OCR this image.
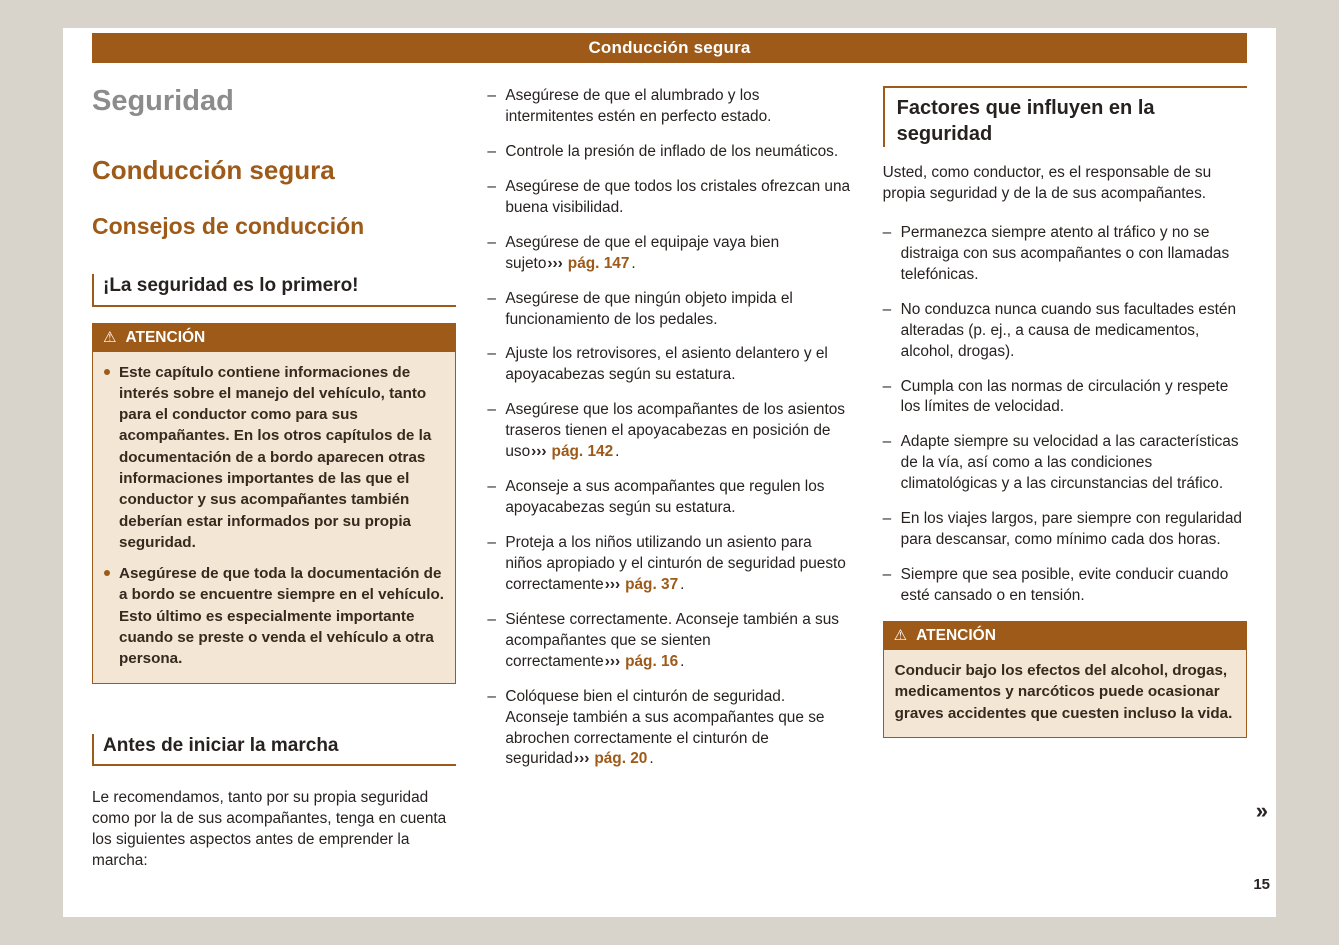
Conducción segura
Seguridad
Conducción segura
Consejos de conducción
¡La seguridad es lo primero!
⚠ ATENCIÓN
Este capítulo contiene informaciones de interés sobre el manejo del vehículo, tanto para el conductor como para sus acompañantes. En los otros capítulos de la documentación de a bordo aparecen otras informaciones importantes de las que el conductor y sus acompañantes también deberían estar informados por su propia seguridad.
Asegúrese de que toda la documentación de a bordo se encuentre siempre en el vehículo. Esto último es especialmente importante cuando se preste o venda el vehículo a otra persona.
Antes de iniciar la marcha
Le recomendamos, tanto por su propia seguridad como por la de sus acompañantes, tenga en cuenta los siguientes aspectos antes de emprender la marcha:
– Asegúrese de que el alumbrado y los intermitentes estén en perfecto estado.
– Controle la presión de inflado de los neumáticos.
– Asegúrese de que todos los cristales ofrezcan una buena visibilidad.
– Asegúrese de que el equipaje vaya bien sujeto››› pág. 147 .
– Asegúrese de que ningún objeto impida el funcionamiento de los pedales.
– Ajuste los retrovisores, el asiento delantero y el apoyacabezas según su estatura.
– Asegúrese que los acompañantes de los asientos traseros tienen el apoyacabezas en posición de uso››› pág. 142 .
– Aconseje a sus acompañantes que regulen los apoyacabezas según su estatura.
– Proteja a los niños utilizando un asiento para niños apropiado y el cinturón de seguridad puesto correctamente››› pág. 37 .
– Siéntese correctamente. Aconseje también a sus acompañantes que se sienten correctamente››› pág. 16 .
– Colóquese bien el cinturón de seguridad. Aconseje también a sus acompañantes que se abrochen correctamente el cinturón de seguridad››› pág. 20 .
Factores que influyen en la seguridad
Usted, como conductor, es el responsable de su propia seguridad y de la de sus acompañantes.
– Permanezca siempre atento al tráfico y no se distraiga con sus acompañantes o con llamadas telefónicas.
– No conduzca nunca cuando sus facultades estén alteradas (p. ej., a causa de medicamentos, alcohol, drogas).
– Cumpla con las normas de circulación y respete los límites de velocidad.
– Adapte siempre su velocidad a las características de la vía, así como a las condiciones climatológicas y a las circunstancias del tráfico.
– En los viajes largos, pare siempre con regularidad para descansar, como mínimo cada dos horas.
– Siempre que sea posible, evite conducir cuando esté cansado o en tensión.
⚠ ATENCIÓN
Conducir bajo los efectos del alcohol, drogas, medicamentos y narcóticos puede ocasionar graves accidentes que cuesten incluso la vida.
»
15
